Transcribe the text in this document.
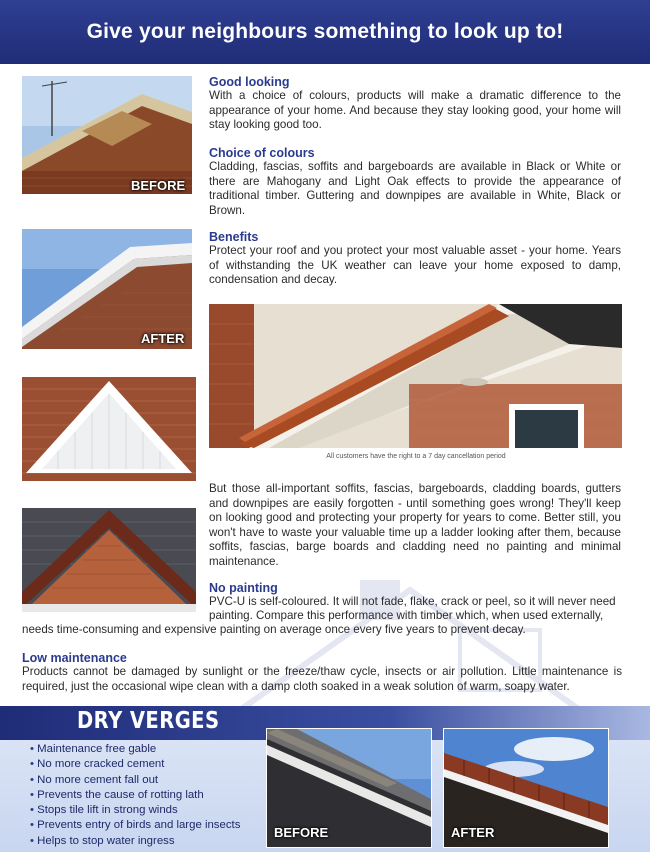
Give your neighbours something to look up to!
BEFORE
AFTER
All customers have the right to a 7 day cancellation period
Good looking

With a choice of colours, products will make a dramatic difference to the appearance of your home. And because they stay looking good, your home will stay looking good too.

Choice of colours

Cladding, fascias, soffits and bargeboards are available in Black or White or there are Mahogany and Light Oak effects to provide the appearance of traditional timber. Guttering and downpipes are available in White, Black or Brown.

Benefits

Protect your roof and you protect your most valuable asset - your home. Years of withstanding the UK weather can leave your home exposed to damp, condensation and decay.

But those all-important soffits, fascias, bargeboards, cladding boards, gutters and downpipes are easily forgotten - until something goes wrong! They'll keep on looking good and protecting your property for years to come. Better still, you won't have to waste your valuable time up a ladder looking after them, because soffits, fascias, barge boards and cladding need no painting and minimal maintenance.

No painting

PVC-U is self-coloured. It will not fade, flake, crack or peel, so it will never need

painting. Compare this performance with timber which, when used externally,

needs time-consuming and expensive painting on average once every five years to prevent decay.

Low maintenance

Products cannot be damaged by sunlight or the freeze/thaw cycle, insects or air pollution. Little maintenance is required, just the occasional wipe clean with a damp cloth soaked in a weak solution of warm, soapy water.

DRY VERGES
• Maintenance free gable
• No more cracked cement
• No more cement fall out
• Prevents the cause of rotting lath
• Stops tile lift in strong winds
• Prevents entry of birds and large insects
• Helps to stop water ingress
BEFORE	AFTER
